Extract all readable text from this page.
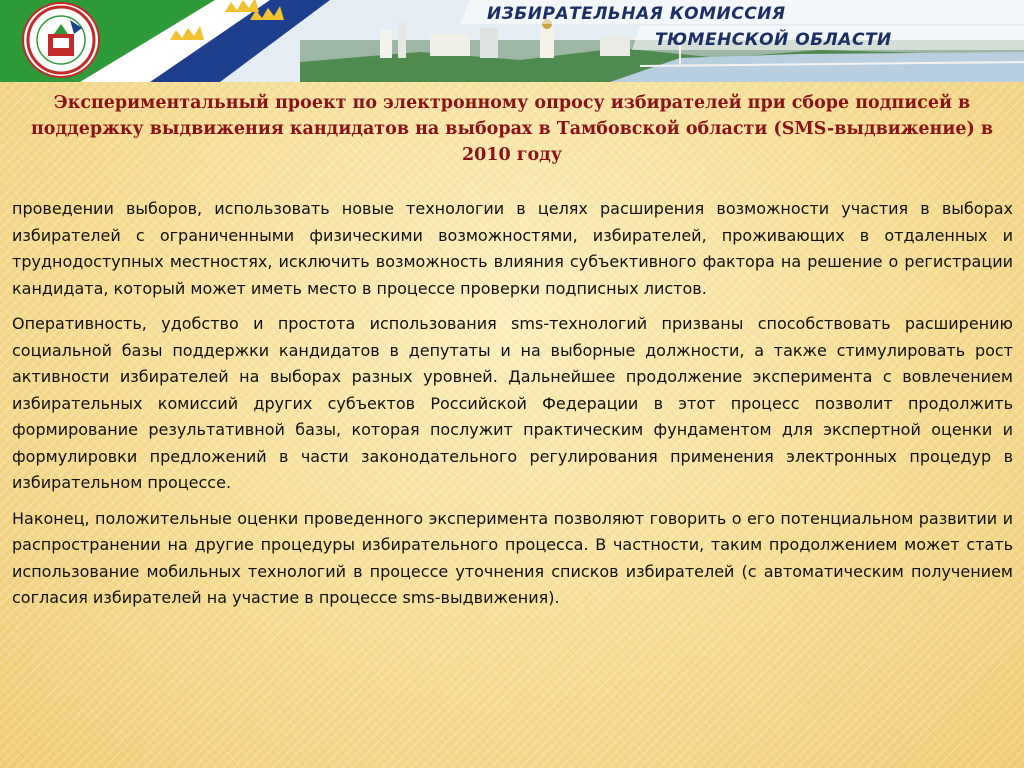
ИЗБИРАТЕЛЬНАЯ КОМИССИЯ
ТЮМЕНСКОЙ ОБЛАСТИ
Экспериментальный проект по электронному опросу избирателей при сборе подписей в поддержку выдвижения кандидатов на выборах в Тамбовской области (SMS-выдвижение) в 2010 году

проведении выборов, использовать новые технологии в целях расширения возможности участия в выборах избирателей с ограниченными физическими возможностями, избирателей, проживающих в отдаленных и труднодоступных местностях, исключить возможность влияния субъективного фактора на решение о регистрации кандидата, который может иметь место в процессе проверки подписных листов.

Оперативность, удобство и простота использования sms-технологий призваны способствовать расширению социальной базы поддержки кандидатов в депутаты и на выборные должности, а также стимулировать рост активности избирателей на выборах разных уровней. Дальнейшее продолжение эксперимента с вовлечением избирательных комиссий других субъектов Российской Федерации в этот процесс позволит продолжить формирование результативной базы, которая послужит практическим фундаментом для экспертной оценки и формулировки предложений в части законодательного регулирования применения электронных процедур в избирательном процессе.

Наконец, положительные оценки проведенного эксперимента позволяют говорить о его потенциальном развитии и распространении на другие процедуры избирательного процесса. В частности, таким продолжением может стать использование мобильных технологий в процессе уточнения списков избирателей (с автоматическим получением согласия избирателей на участие в процессе sms-выдвижения).
